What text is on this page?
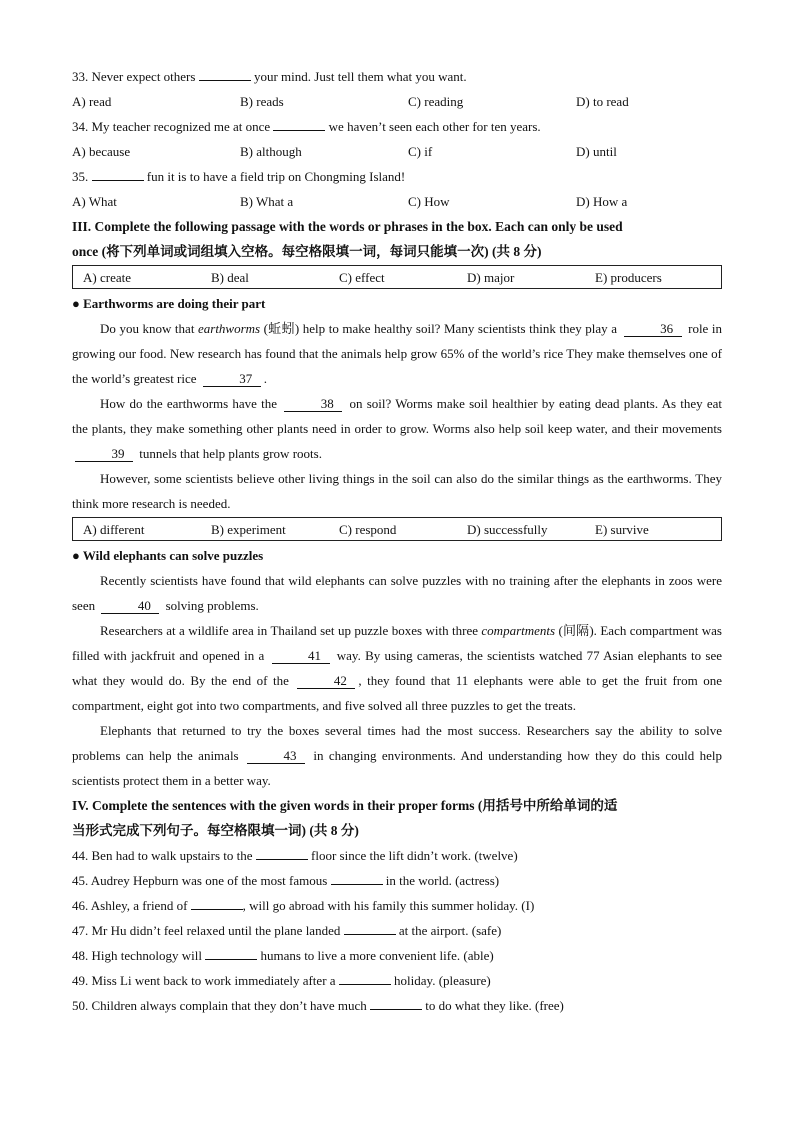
33. Never expect others	your mind. Just tell them what you want.
A) read	B) reads	C) reading	D) to read
34. My teacher recognized me at once	we haven’t seen each other for ten years.
A) because	B) although	C) if	D) until
35.	fun it is to have a field trip on Chongming Island!
A) What	B) What a	C) How	D) How a
III. Complete the following passage with the words or phrases in the box. Each can only be used
once (将下列单词或词组填入空格。每空格限填一词，每词只能填一次) (共 8 分)
A) create	B) deal	C) effect	D) major	E) producers
● Earthworms are doing their part

Do you know that earthworms (蚯蚓) help to make healthy soil? Many scientists think they play a	36 role in growing our food. New research has found that the animals help grow 65% of the world’s rice They make themselves one of the world’s greatest rice	37 .

How do the earthworms have the	38 on soil? Worms make soil healthier by eating dead plants. As they eat the plants, they make something other plants need in order to grow. Worms also help soil keep water, and their movements 39 tunnels that help plants grow roots.

However, some scientists believe other living things in the soil can also do the similar things as the earthworms. They think more research is needed.

A) different	B) experiment	C) respond	D) successfully	E) survive
● Wild elephants can solve puzzles

Recently scientists have found that wild elephants can solve puzzles with no training after the elephants in zoos were seen	40 solving problems.

Researchers at a wildlife area in Thailand set up puzzle boxes with three compartments (间隔). Each compartment was filled with jackfruit and opened in a	41 way. By using cameras, the scientists watched 77 Asian elephants to see what they would do. By the end of the	42 , they found that 11 elephants were able to get the fruit from one compartment, eight got into two compartments, and five solved all three puzzles to get the treats.

Elephants that returned to try the boxes several times had the most success. Researchers say the ability to solve problems can help the animals	43 in changing environments. And understanding how they do this could help scientists protect them in a better way.

IV. Complete the sentences with the given words in their proper forms (用括号中所给单词的适
当形式完成下列句子。每空格限填一词) (共 8 分)
44. Ben had to walk upstairs to the	floor since the lift didn’t work. (twelve)
45. Audrey Hepburn was one of the most famous	in the world. (actress)
46. Ashley, a friend of	, will go abroad with his family this summer holiday. (I)
47. Mr Hu didn’t feel relaxed until the plane landed	at the airport. (safe)
48. High technology will	humans to live a more convenient life. (able)
49. Miss Li went back to work immediately after a	holiday. (pleasure)
50. Children always complain that they don’t have much	to do what they like. (free)
